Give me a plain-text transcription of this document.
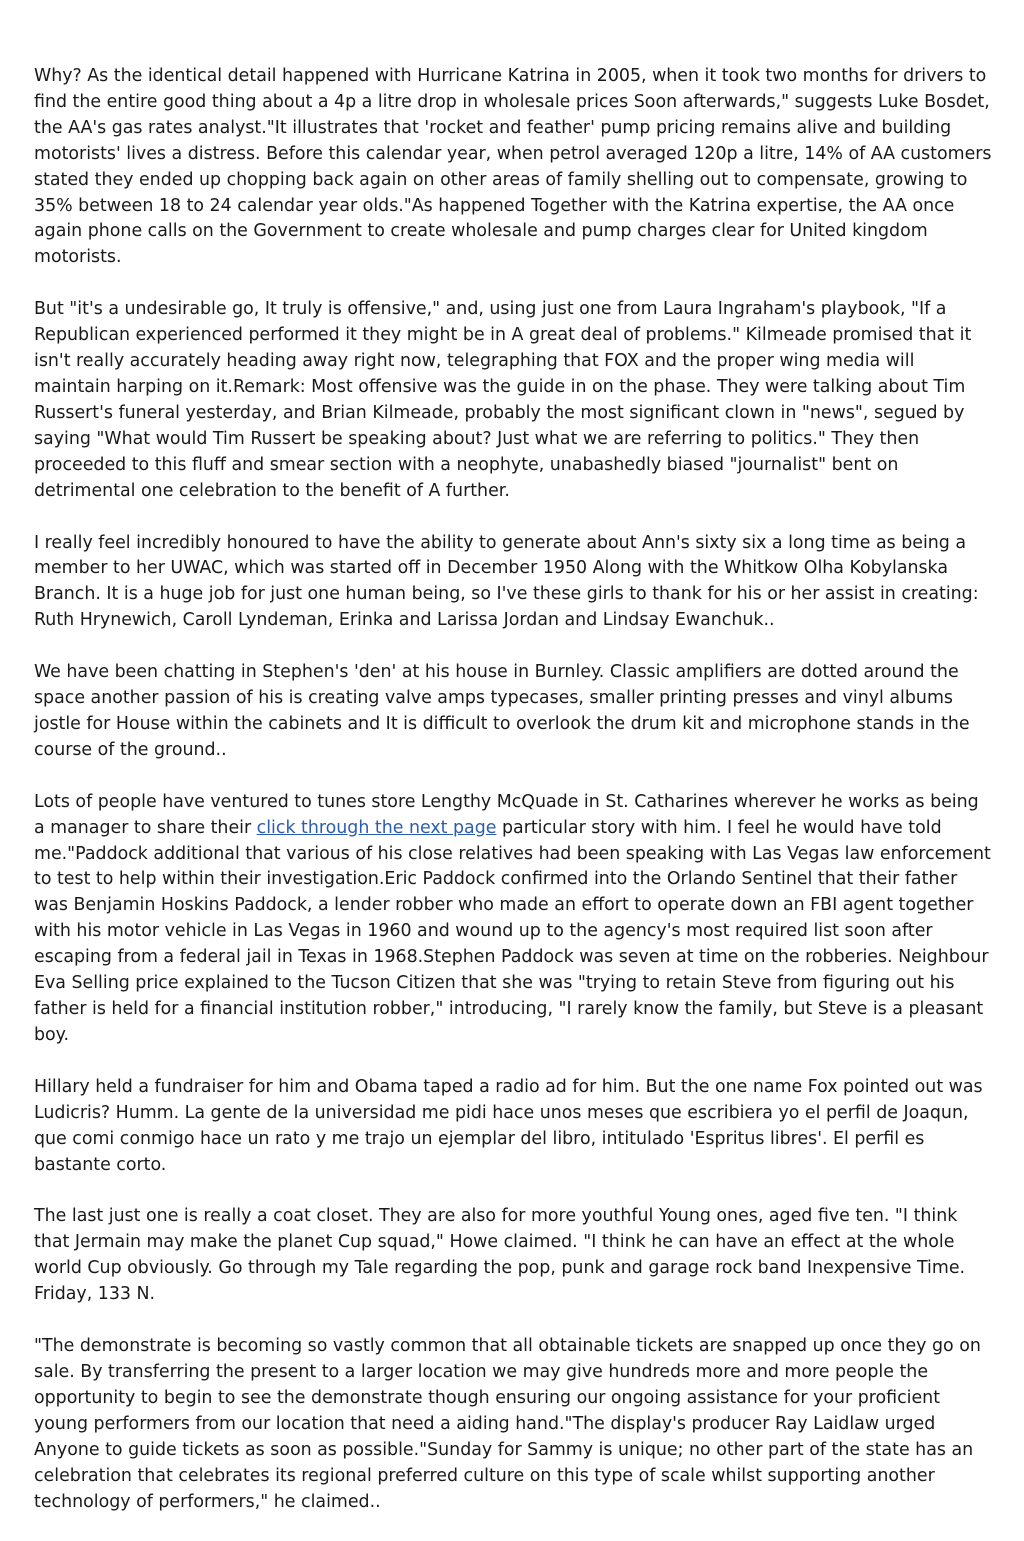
Why? As the identical detail happened with Hurricane Katrina in 2005, when it took two months for drivers to find the entire good thing about a 4p a litre drop in wholesale prices Soon afterwards," suggests Luke Bosdet, the AA's gas rates analyst."It illustrates that 'rocket and feather' pump pricing remains alive and building motorists' lives a distress. Before this calendar year, when petrol averaged 120p a litre, 14% of AA customers stated they ended up chopping back again on other areas of family shelling out to compensate, growing to 35% between 18 to 24 calendar year olds."As happened Together with the Katrina expertise, the AA once again phone calls on the Government to create wholesale and pump charges clear for United kingdom motorists.

But "it's a undesirable go, It truly is offensive," and, using just one from Laura Ingraham's playbook, "If a Republican experienced performed it they might be in A great deal of problems." Kilmeade promised that it isn't really accurately heading away right now, telegraphing that FOX and the proper wing media will maintain harping on it.Remark: Most offensive was the guide in on the phase. They were talking about Tim Russert's funeral yesterday, and Brian Kilmeade, probably the most significant clown in "news", segued by saying "What would Tim Russert be speaking about? Just what we are referring to politics." They then proceeded to this fluff and smear section with a neophyte, unabashedly biased "journalist" bent on detrimental one celebration to the benefit of A further.

I really feel incredibly honoured to have the ability to generate about Ann's sixty six a long time as being a member to her UWAC, which was started off in December 1950 Along with the Whitkow Olha Kobylanska Branch. It is a huge job for just one human being, so I've these girls to thank for his or her assist in creating: Ruth Hrynewich, Caroll Lyndeman, Erinka and Larissa Jordan and Lindsay Ewanchuk..

We have been chatting in Stephen's 'den' at his house in Burnley. Classic amplifiers are dotted around the space another passion of his is creating valve amps typecases, smaller printing presses and vinyl albums jostle for House within the cabinets and It is difficult to overlook the drum kit and microphone stands in the course of the ground..

Lots of people have ventured to tunes store Lengthy McQuade in St. Catharines wherever he works as being a manager to share their click through the next page particular story with him. I feel he would have told me."Paddock additional that various of his close relatives had been speaking with Las Vegas law enforcement to test to help within their investigation.Eric Paddock confirmed into the Orlando Sentinel that their father was Benjamin Hoskins Paddock, a lender robber who made an effort to operate down an FBI agent together with his motor vehicle in Las Vegas in 1960 and wound up to the agency's most required list soon after escaping from a federal jail in Texas in 1968.Stephen Paddock was seven at time on the robberies. Neighbour Eva Selling price explained to the Tucson Citizen that she was "trying to retain Steve from figuring out his father is held for a financial institution robber," introducing, "I rarely know the family, but Steve is a pleasant boy.

Hillary held a fundraiser for him and Obama taped a radio ad for him. But the one name Fox pointed out was Ludicris? Humm. La gente de la universidad me pidi hace unos meses que escribiera yo el perfil de Joaqun, que comi conmigo hace un rato y me trajo un ejemplar del libro, intitulado 'Espritus libres'. El perfil es bastante corto.

The last just one is really a coat closet. They are also for more youthful Young ones, aged five ten. "I think that Jermain may make the planet Cup squad," Howe claimed. "I think he can have an effect at the whole world Cup obviously. Go through my Tale regarding the pop, punk and garage rock band Inexpensive Time. Friday, 133 N.

"The demonstrate is becoming so vastly common that all obtainable tickets are snapped up once they go on sale. By transferring the present to a larger location we may give hundreds more and more people the opportunity to begin to see the demonstrate though ensuring our ongoing assistance for your proficient young performers from our location that need a aiding hand."The display's producer Ray Laidlaw urged Anyone to guide tickets as soon as possible."Sunday for Sammy is unique; no other part of the state has an celebration that celebrates its regional preferred culture on this type of scale whilst supporting another technology of performers," he claimed..
